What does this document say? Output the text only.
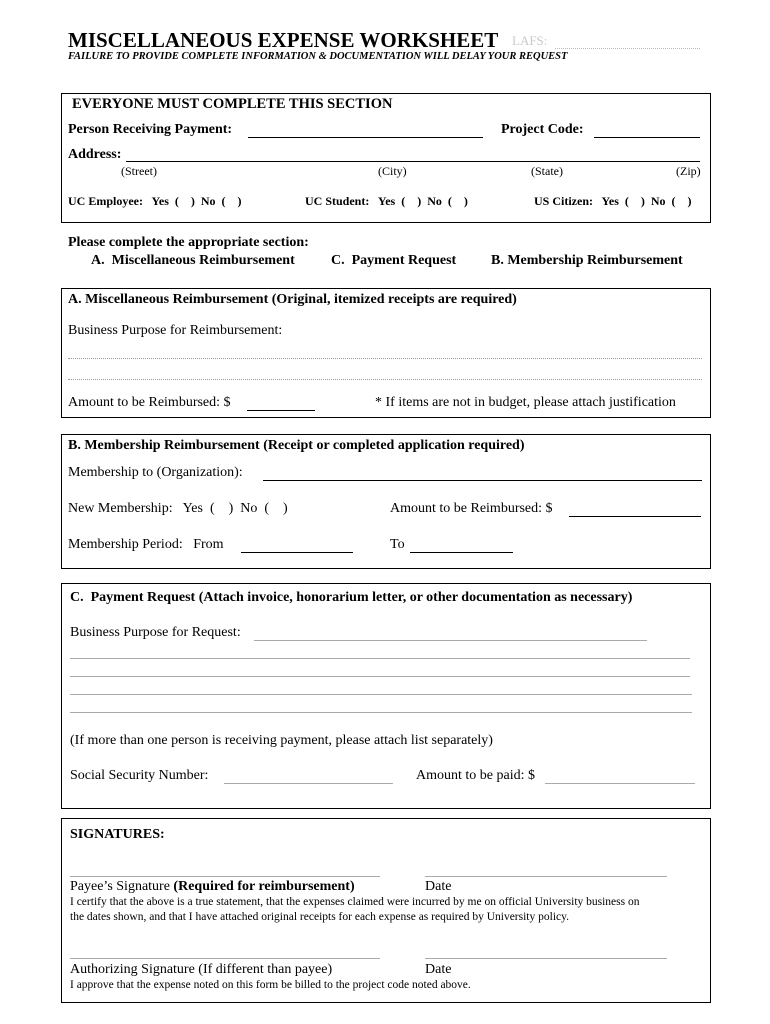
MISCELLANEOUS EXPENSE WORKSHEET LAFS:
FAILURE TO PROVIDE COMPLETE INFORMATION & DOCUMENTATION WILL DELAY YOUR REQUEST
EVERYONE MUST COMPLETE THIS SECTION
Person Receiving Payment:	Project Code:
Address:
(Street)	(City)	(State)	(Zip)
UC Employee:   Yes  (    )  No  (    )	UC Student:   Yes  (    )  No  (    )	US Citizen:   Yes  (    )  No  (    )
Please complete the appropriate section:
A.  Miscellaneous Reimbursement	C.  Payment Request B. Membership Reimbursement
A. Miscellaneous Reimbursement (Original, itemized receipts are required)
Business Purpose for Reimbursement:
Amount to be Reimbursed: $	* If items are not in budget, please attach justification
B. Membership Reimbursement (Receipt or completed application required)
Membership to (Organization):
New Membership:   Yes  (    )  No  (    )	Amount to be Reimbursed: $
Membership Period:   From	To
C.  Payment Request (Attach invoice, honorarium letter, or other documentation as necessary)
Business Purpose for Request:
(If more than one person is receiving payment, please attach list separately)
Social Security Number:	Amount to be paid: $
SIGNATURES:
Payee’s Signature (Required for reimbursement)	Date
I certify that the above is a true statement, that the expenses claimed were incurred by me on official University business on
the dates shown, and that I have attached original receipts for each expense as required by University policy.
Authorizing Signature (If different than payee)	Date
I approve that the expense noted on this form be billed to the project code noted above.
